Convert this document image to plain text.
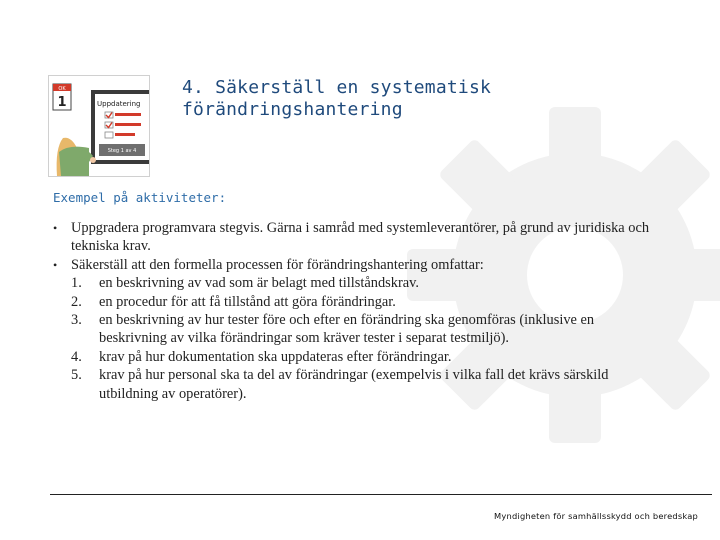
OK
1	Uppdatering
Steg 1 av 4
4. Säkerställ en systematisk
förändringshantering
Exempel på aktiviteter:
• Uppgradera programvara stegvis. Gärna i samråd med systemleverantörer, på grund av juridiska och tekniska krav.
• Säkerställ att den formella processen för förändringshantering omfattar:
1.	en beskrivning av vad som är belagt med tillståndskrav.
2.	en procedur för att få tillstånd att göra förändringar.
3.	en beskrivning av hur tester före och efter en förändring ska genomföras (inklusive en beskrivning av vilka förändringar som kräver tester i separat testmiljö).
4.	krav på hur dokumentation ska uppdateras efter förändringar.
5.	krav på hur personal ska ta del av förändringar (exempelvis i vilka fall det krävs särskild utbildning av operatörer).
Myndigheten för samhällsskydd och beredskap
